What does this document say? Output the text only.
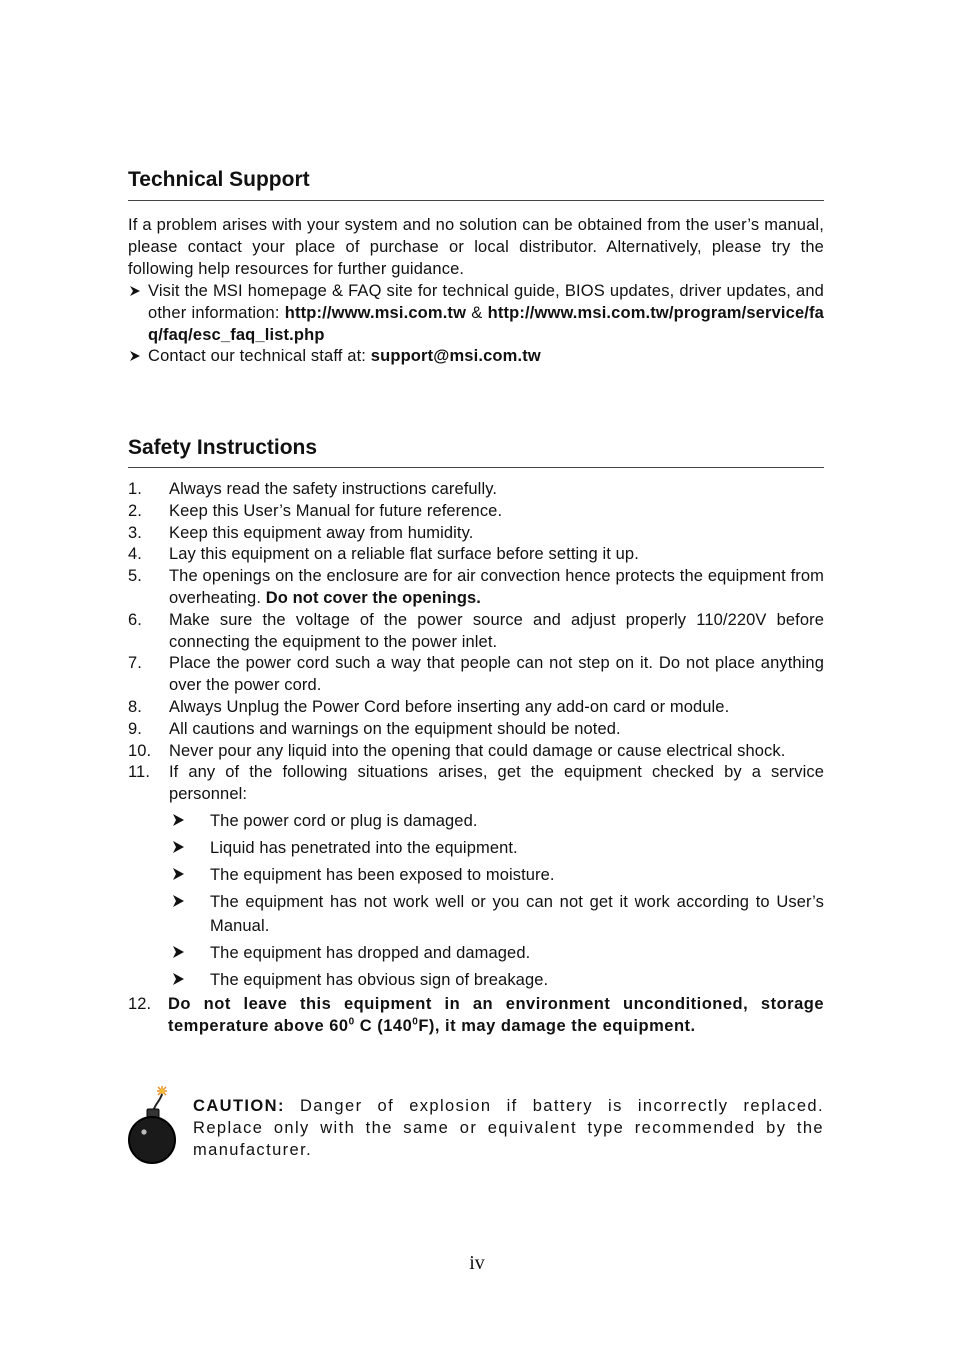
Technical Support

If a problem arises with your system and no solution can be obtained from the user’s manual, please contact your place of purchase or local distributor. Alternatively, please try the following help resources for further guidance.

Visit the MSI homepage & FAQ site for technical guide, BIOS updates, driver updates, and other information: http://www.msi.com.tw & http://www.msi.com.tw/program/service/faq/faq/esc_faq_list.php
Contact our technical staff at: support@msi.com.tw
Safety Instructions
1.	Always read the safety instructions carefully.
2.	Keep this User’s Manual for future reference.
3.	Keep this equipment away from humidity.
4.	Lay this equipment on a reliable flat surface before setting it up.
5.	The openings on the enclosure are for air convection hence protects the equipment from overheating. Do not cover the openings.
6.	Make sure the voltage of the power source and adjust properly 110/220V before connecting the equipment to the power inlet.
7.	Place the power cord such a way that people can not step on it. Do not place anything over the power cord.
8.	Always Unplug the Power Cord before inserting any add-on card or module.
9.	All cautions and warnings on the equipment should be noted.
10.	Never pour any liquid into the opening that could damage or cause electrical shock.
11.	If any of the following situations arises, get the equipment checked by a service personnel:
The power cord or plug is damaged.
Liquid has penetrated into the equipment.
The equipment has been exposed to moisture.
The equipment has not work well or you can not get it work according to User’s Manual.
The equipment has dropped and damaged.
The equipment has obvious sign of breakage.
12.	Do not leave this equipment in an environment unconditioned, storage temperature above $60^0$ C $(140^0F)$, it may damage the equipment.
CAUTION: Danger of explosion if battery is incorrectly replaced. Replace only with the same or equivalent type recommended by the manufacturer.
iv
